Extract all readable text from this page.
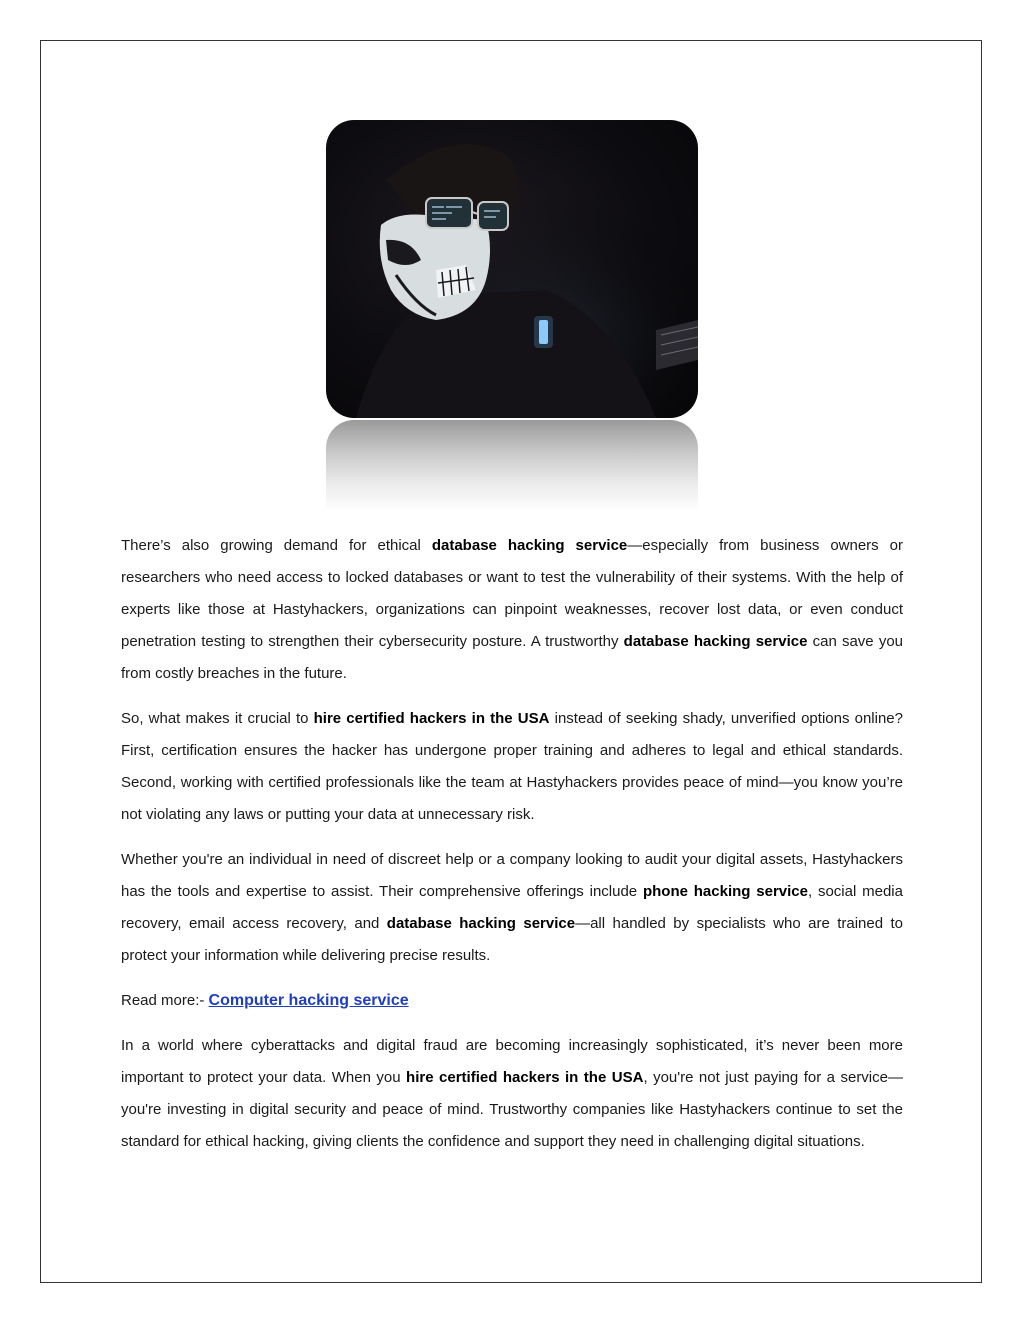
There’s also growing demand for ethical database hacking service—especially from business owners or researchers who need access to locked databases or want to test the vulnerability of their systems. With the help of experts like those at Hastyhackers, organizations can pinpoint weaknesses, recover lost data, or even conduct penetration testing to strengthen their cybersecurity posture. A trustworthy database hacking service can save you from costly breaches in the future.

So, what makes it crucial to hire certified hackers in the USA instead of seeking shady, unverified options online? First, certification ensures the hacker has undergone proper training and adheres to legal and ethical standards. Second, working with certified professionals like the team at Hastyhackers provides peace of mind—you know you’re not violating any laws or putting your data at unnecessary risk.

Whether you're an individual in need of discreet help or a company looking to audit your digital assets, Hastyhackers has the tools and expertise to assist. Their comprehensive offerings include phone hacking service, social media recovery, email access recovery, and database hacking service—all handled by specialists who are trained to protect your information while delivering precise results.

Read more:- Computer hacking service

In a world where cyberattacks and digital fraud are becoming increasingly sophisticated, it’s never been more important to protect your data. When you hire certified hackers in the USA, you're not just paying for a service—you're investing in digital security and peace of mind. Trustworthy companies like Hastyhackers continue to set the standard for ethical hacking, giving clients the confidence and support they need in challenging digital situations.
